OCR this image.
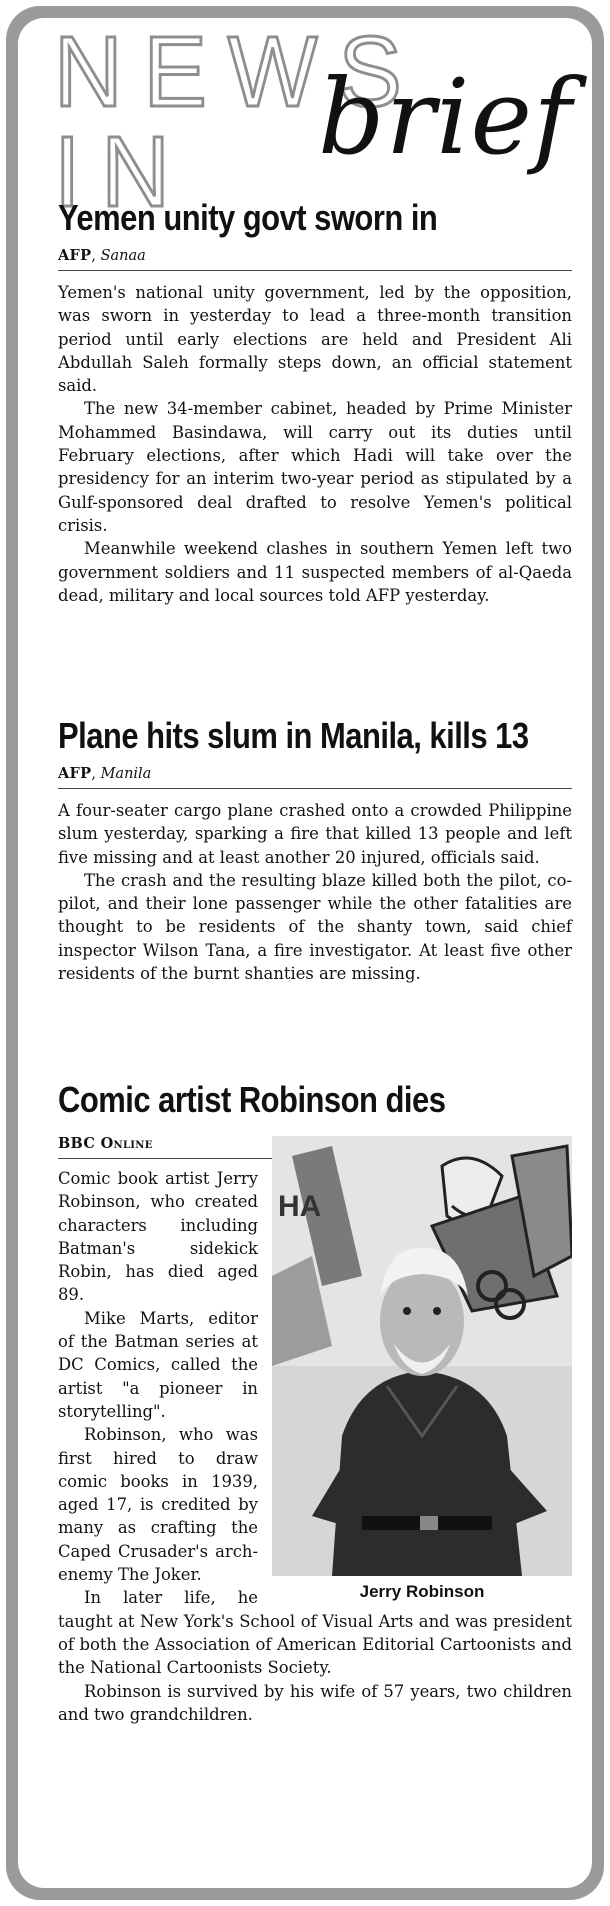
NEWS IN	brief
Yemen unity govt sworn in
AFP, Sanaa

Yemen's national unity government, led by the opposition, was sworn in yesterday to lead a three-month transition period until early elections are held and President Ali Abdullah Saleh formally steps down, an official statement said.

The new 34-member cabinet, headed by Prime Minister Mohammed Basindawa, will carry out its duties until February elections, after which Hadi will take over the presidency for an interim two-year period as stipulated by a Gulf-sponsored deal drafted to resolve Yemen's political crisis.

Meanwhile weekend clashes in southern Yemen left two government soldiers and 11 suspected members of al-Qaeda dead, military and local sources told AFP yesterday.

Plane hits slum in Manila, kills 13
AFP, Manila

A four-seater cargo plane crashed onto a crowded Philippine slum yesterday, sparking a fire that killed 13 people and left five missing and at least another 20 injured, officials said.

The crash and the resulting blaze killed both the pilot, co-pilot, and their lone passenger while the other fatalities are thought to be residents of the shanty town, said chief inspector Wilson Tana, a fire investigator. At least five other residents of the burnt shanties are missing.

Comic artist Robinson dies
HA
Jerry Robinson
BBC Online

Comic book artist Jerry Robinson, who created characters including Batman's sidekick Robin, has died aged 89.

Mike Marts, editor of the Batman series at DC Comics, called the artist "a pioneer in storytelling".

Robinson, who was first hired to draw comic books in 1939, aged 17, is credited by many as crafting the Caped Crusader's arch-enemy The Joker.

In later life, he taught at New York's School of Visual Arts and was president of both the Association of American Editorial Cartoonists and the National Cartoonists Society.

Robinson is survived by his wife of 57 years, two children and two grandchildren.
